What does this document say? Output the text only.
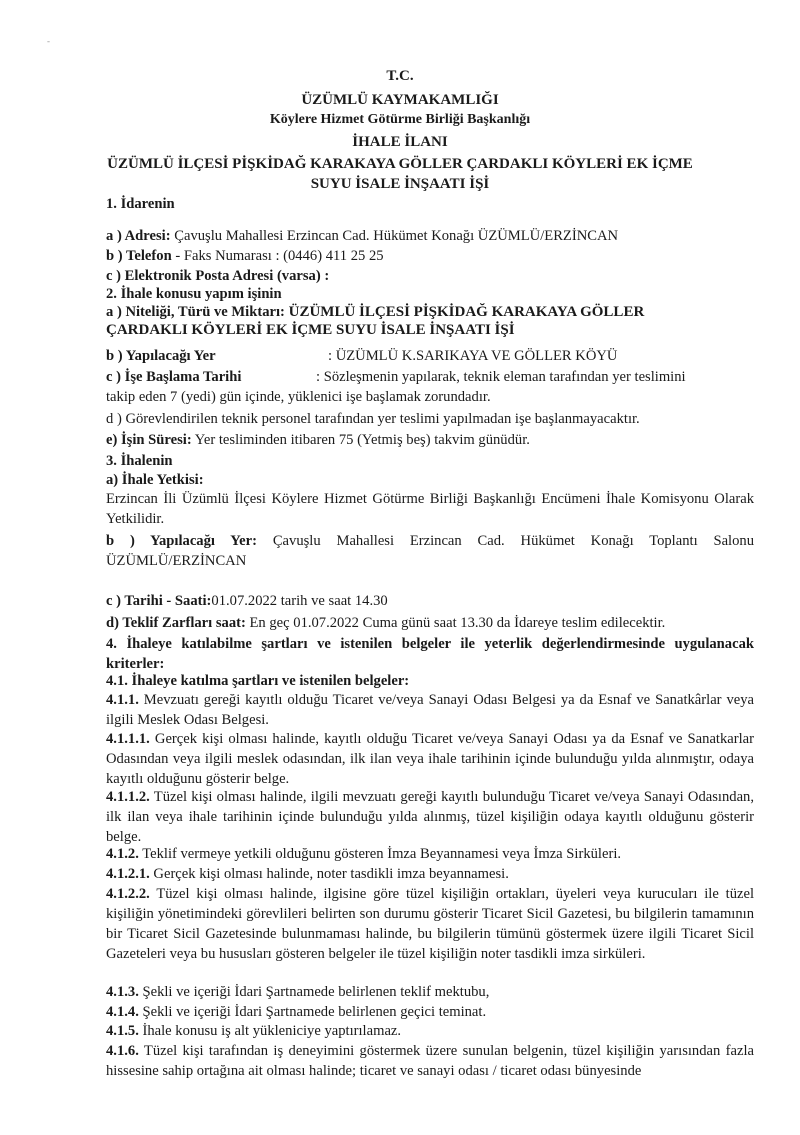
-
T.C.
ÜZÜMLÜ KAYMAKAMLIĞI
Köylere Hizmet Götürme Birliği Başkanlığı
İHALE İLANI
ÜZÜMLÜ İLÇESİ PİŞKİDAĞ KARAKAYA GÖLLER ÇARDAKLI KÖYLERİ EK İÇME
SUYU İSALE İNŞAATI İŞİ
1. İdarenin
a ) Adresi: Çavuşlu Mahallesi Erzincan Cad. Hükümet Konağı ÜZÜMLÜ/ERZİNCAN
b ) Telefon - Faks Numarası : (0446) 411 25 25
c ) Elektronik Posta Adresi (varsa) :
2. İhale konusu yapım işinin
a ) Niteliği, Türü ve Miktarı: ÜZÜMLÜ İLÇESİ PİŞKİDAĞ KARAKAYA GÖLLER
ÇARDAKLI KÖYLERİ EK İÇME SUYU İSALE İNŞAATI İŞİ
b ) Yapılacağı Yer	: ÜZÜMLÜ K.SARIKAYA VE GÖLLER KÖYÜ
c ) İşe Başlama Tarihi	: Sözleşmenin yapılarak, teknik eleman tarafından yer teslimini
takip eden 7 (yedi) gün içinde, yüklenici işe başlamak zorundadır.
d ) Görevlendirilen teknik personel tarafından yer teslimi yapılmadan işe başlanmayacaktır.
e) İşin Süresi: Yer tesliminden itibaren 75 (Yetmiş beş) takvim günüdür.
3. İhalenin
a) İhale Yetkisi:
Erzincan İli Üzümlü İlçesi Köylere Hizmet Götürme Birliği Başkanlığı Encümeni İhale Komisyonu Olarak Yetkilidir.
b ) Yapılacağı Yer: Çavuşlu Mahallesi Erzincan Cad. Hükümet Konağı Toplantı Salonu ÜZÜMLÜ/ERZİNCAN
c ) Tarihi - Saati:01.07.2022 tarih ve saat 14.30
d) Teklif Zarfları saat: En geç 01.07.2022 Cuma günü saat 13.30 da İdareye teslim edilecektir.
4. İhaleye katılabilme şartları ve istenilen belgeler ile yeterlik değerlendirmesinde uygulanacak kriterler:
4.1. İhaleye katılma şartları ve istenilen belgeler:
4.1.1. Mevzuatı gereği kayıtlı olduğu Ticaret ve/veya Sanayi Odası Belgesi ya da Esnaf ve Sanatkârlar veya ilgili Meslek Odası Belgesi.
4.1.1.1. Gerçek kişi olması halinde, kayıtlı olduğu Ticaret ve/veya Sanayi Odası ya da Esnaf ve Sanatkarlar Odasından veya ilgili meslek odasından, ilk ilan veya ihale tarihinin içinde bulunduğu yılda alınmıştır, odaya kayıtlı olduğunu gösterir belge.
4.1.1.2. Tüzel kişi olması halinde, ilgili mevzuatı gereği kayıtlı bulunduğu Ticaret ve/veya Sanayi Odasından, ilk ilan veya ihale tarihinin içinde bulunduğu yılda alınmış, tüzel kişiliğin odaya kayıtlı olduğunu gösterir belge.
4.1.2. Teklif vermeye yetkili olduğunu gösteren İmza Beyannamesi veya İmza Sirküleri.
4.1.2.1. Gerçek kişi olması halinde, noter tasdikli imza beyannamesi.
4.1.2.2. Tüzel kişi olması halinde, ilgisine göre tüzel kişiliğin ortakları, üyeleri veya kurucuları ile tüzel kişiliğin yönetimindeki görevlileri belirten son durumu gösterir Ticaret Sicil Gazetesi, bu bilgilerin tamamının bir Ticaret Sicil Gazetesinde bulunmaması halinde, bu bilgilerin tümünü göstermek üzere ilgili Ticaret Sicil Gazeteleri veya bu hususları gösteren belgeler ile tüzel kişiliğin noter tasdikli imza sirküleri.
4.1.3. Şekli ve içeriği İdari Şartnamede belirlenen teklif mektubu,
4.1.4. Şekli ve içeriği İdari Şartnamede belirlenen geçici teminat.
4.1.5. İhale konusu iş alt yükleniciye yaptırılamaz.
4.1.6. Tüzel kişi tarafından iş deneyimini göstermek üzere sunulan belgenin, tüzel kişiliğin yarısından fazla hissesine sahip ortağına ait olması halinde; ticaret ve sanayi odası / ticaret odası bünyesinde
